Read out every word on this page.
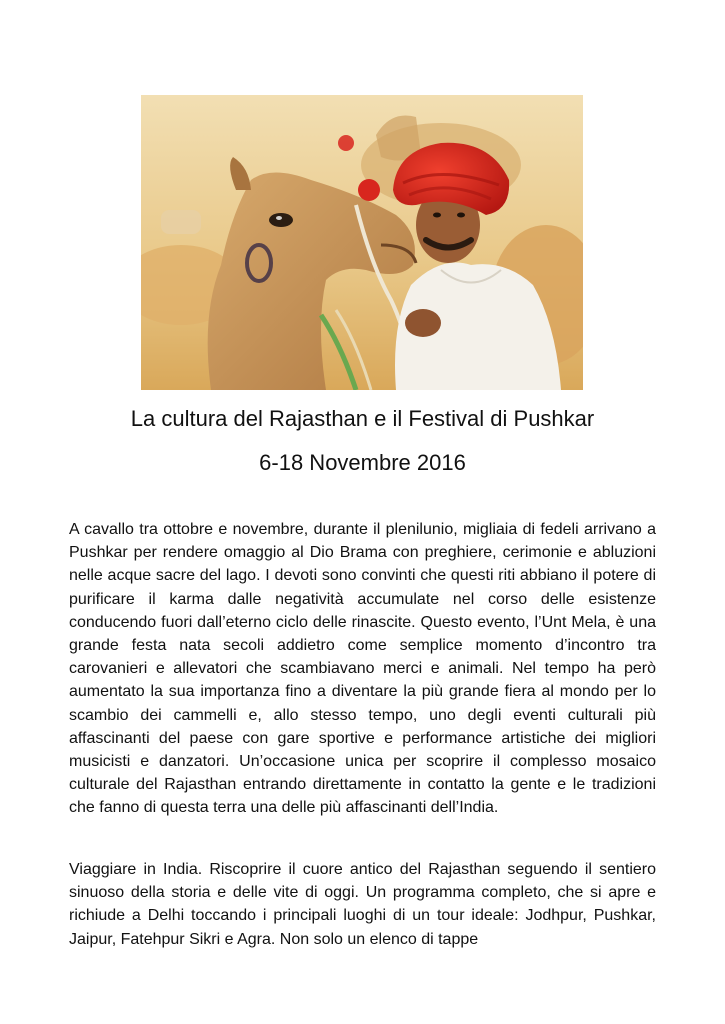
La cultura del Rajasthan e il Festival di Pushkar
6-18 Novembre 2016

A cavallo tra ottobre e novembre, durante il plenilunio, migliaia di fedeli arrivano a Pushkar per rendere omaggio al Dio Brama con preghiere, cerimonie e abluzioni nelle acque sacre del lago. I devoti sono convinti che questi riti abbiano il potere di purificare il karma dalle negatività accumulate nel corso delle esistenze conducendo fuori dall’eterno ciclo delle rinascite. Questo evento, l’Unt Mela, è una grande festa nata secoli addietro come semplice momento d’incontro tra carovanieri e allevatori che scambiavano merci e animali. Nel tempo ha però aumentato la sua importanza fino a diventare la più grande fiera al mondo per lo scambio dei cammelli e, allo stesso tempo, uno degli eventi culturali più affascinanti del paese con gare sportive e performance artistiche dei migliori musicisti e danzatori. Un’occasione unica per scoprire il complesso mosaico culturale del Rajasthan entrando direttamente in contatto la gente e le tradizioni che fanno di questa terra una delle più affascinanti dell’India.

Viaggiare in India. Riscoprire il cuore antico del Rajasthan seguendo il sentiero sinuoso della storia e delle vite di oggi. Un programma completo, che si apre e richiude a Delhi toccando i principali luoghi di un tour ideale: Jodhpur, Pushkar, Jaipur, Fatehpur Sikri e Agra. Non solo un elenco di tappe
